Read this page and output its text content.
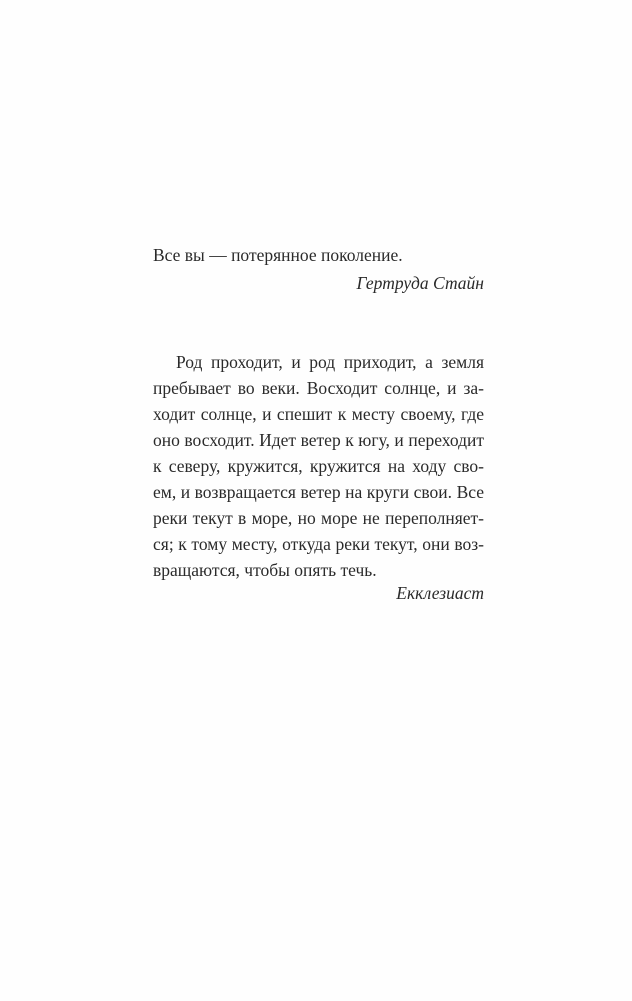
Все вы — потерянное поколение.
Гертруда Стайн
Род проходит, и род приходит, а земля
пребывает во веки. Восходит солнце, и за-
ходит солнце, и спешит к месту своему, где
оно восходит. Идет ветер к югу, и переходит
к северу, кружится, кружится на ходу сво-
ем, и возвращается ветер на круги свои. Все
реки текут в море, но море не переполняет-
ся; к тому месту, откуда реки текут, они воз-
вращаются, чтобы опять течь.
Екклезиаст
